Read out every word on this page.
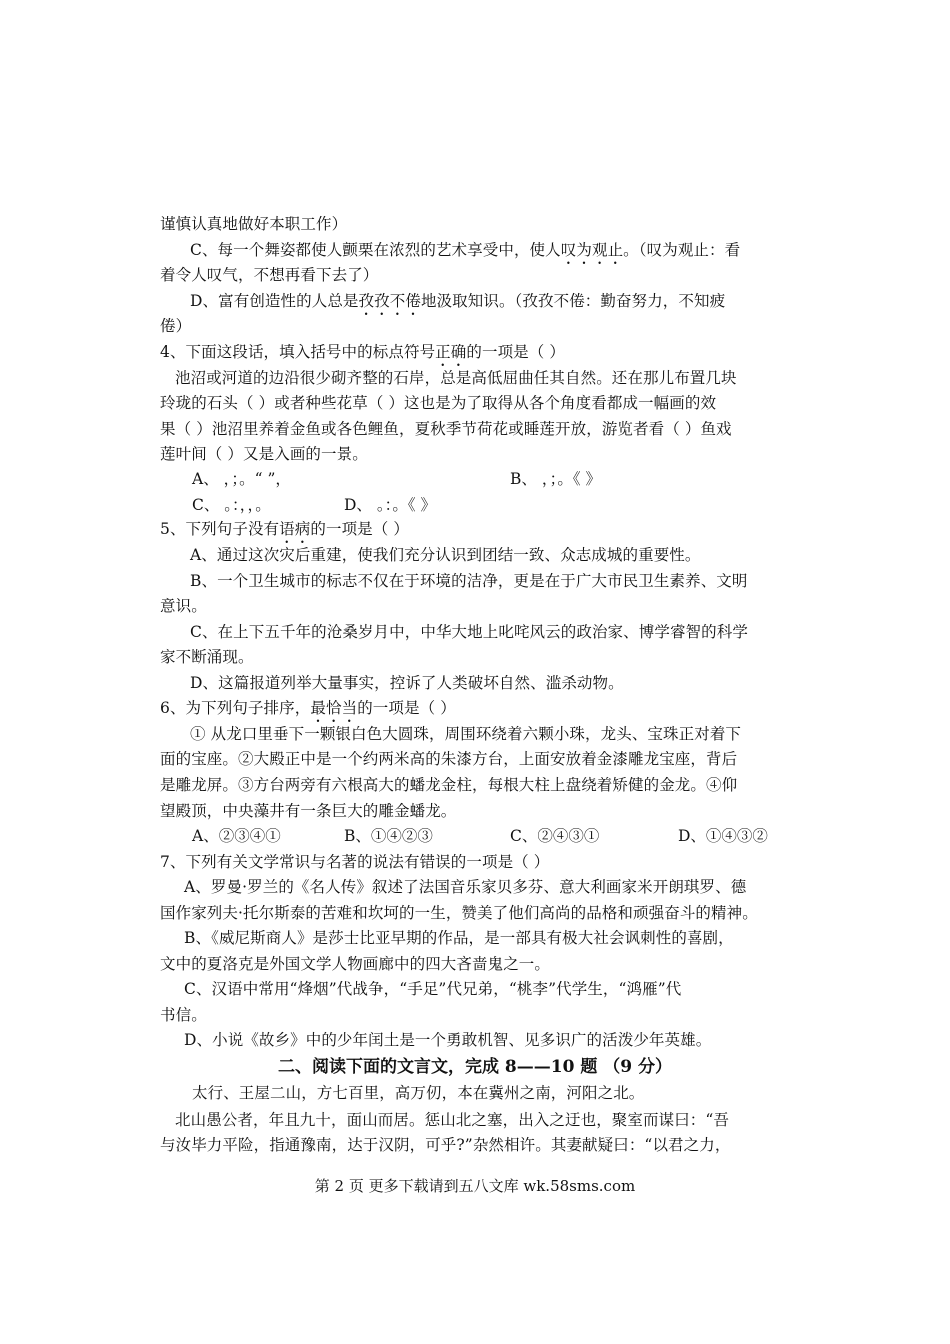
谨慎认真地做好本职工作）
C、每一个舞姿都使人颤栗在浓烈的艺术享受中，使人叹为观止。（叹为观止：看
着令人叹气，不想再看下去了）
D、富有创造性的人总是孜孜不倦地汲取知识。（孜孜不倦：勤奋努力，不知疲
倦）
4、下面这段话，填入括号中的标点符号正确的一项是（ ）
池沼或河道的边沿很少砌齐整的石岸，总是高低屈曲任其自然。还在那儿布置几块
玲珑的石头（ ）或者种些花草（ ）这也是为了取得从各个角度看都成一幅画的效
果（ ）池沼里养着金鱼或各色鲤鱼，夏秋季节荷花或睡莲开放，游览者看（ ）鱼戏
莲叶间（ ）又是入画的一景。
A、 ，；。“ ”，	B、 ，；。《 》
C、 。：，，。	D、 。：。《 》
5、下列句子没有语病的一项是（ ）
A、通过这次灾后重建，使我们充分认识到团结一致、众志成城的重要性。
B、一个卫生城市的标志不仅在于环境的洁净，更是在于广大市民卫生素养、文明
意识。
C、在上下五千年的沧桑岁月中，中华大地上叱咤风云的政治家、博学睿智的科学
家不断涌现。
D、这篇报道列举大量事实，控诉了人类破坏自然、滥杀动物。
6、为下列句子排序，最恰当的一项是（ ）
① 从龙口里垂下一颗银白色大圆珠，周围环绕着六颗小珠，龙头、宝珠正对着下
面的宝座。②大殿正中是一个约两米高的朱漆方台，上面安放着金漆雕龙宝座，背后
是雕龙屏。③方台两旁有六根高大的蟠龙金柱，每根大柱上盘绕着矫健的金龙。④仰
望殿顶，中央藻井有一条巨大的雕金蟠龙。
A、②③④①	B、①④②③	C、②④③①	D、①④③②
7、下列有关文学常识与名著的说法有错误的一项是（ ）
A、罗曼·罗兰的《名人传》叙述了法国音乐家贝多芬、意大利画家米开朗琪罗、德
国作家列夫·托尔斯泰的苦难和坎坷的一生，赞美了他们高尚的品格和顽强奋斗的精神。
B、《威尼斯商人》是莎士比亚早期的作品，是一部具有极大社会讽刺性的喜剧，
文中的夏洛克是外国文学人物画廊中的四大吝啬鬼之一。
C、汉语中常用“烽烟”代战争，“手足”代兄弟，“桃李”代学生，“鸿雁”代
书信。
D、小说《故乡》中的少年闰土是一个勇敢机智、见多识广的活泼少年英雄。
二、阅读下面的文言文，完成 8——10 题 （9 分）
太行、王屋二山，方七百里，高万仞，本在冀州之南，河阳之北。
北山愚公者，年且九十，面山而居。惩山北之塞，出入之迂也，聚室而谋曰：“吾
与汝毕力平险，指通豫南，达于汉阴，可乎?”杂然相许。其妻献疑曰：“以君之力，
第 2 页 更多下载请到五八文库 wk.58sms.com
